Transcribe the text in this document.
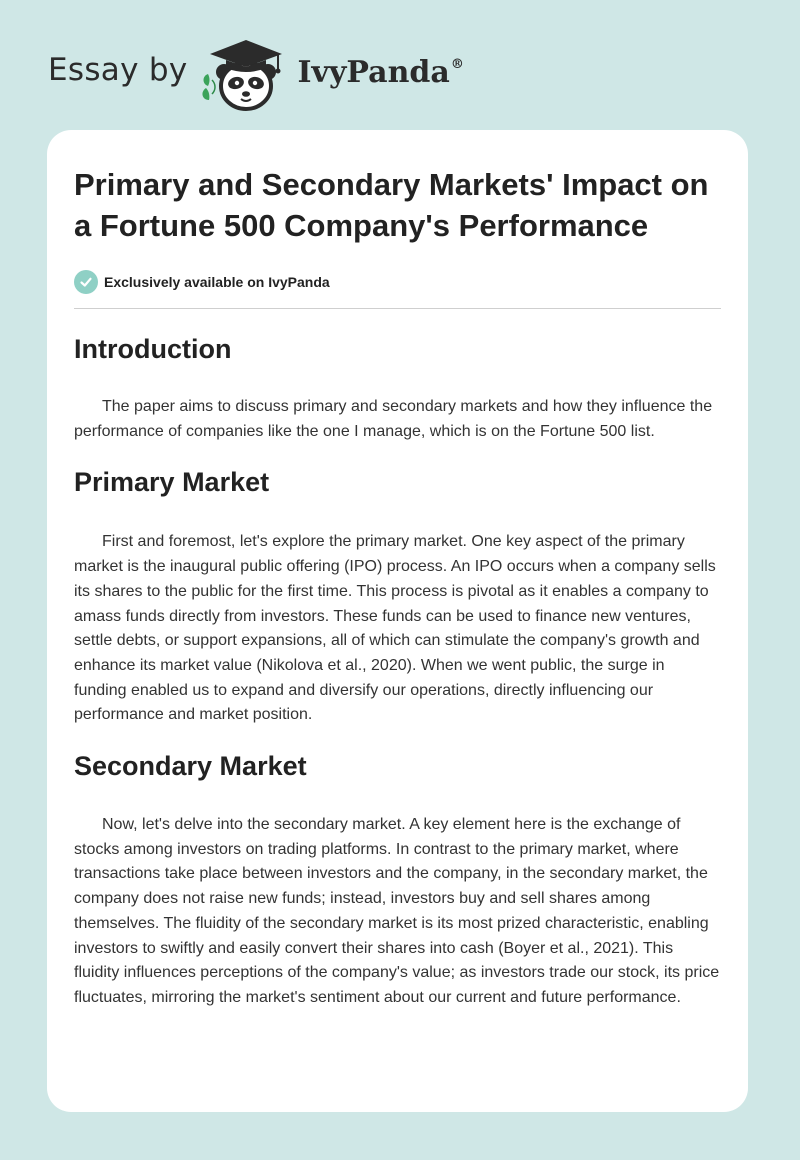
Essay by	IvyPanda®
Primary and Secondary Markets' Impact on a Fortune 500 Company's Performance
Exclusively available on IvyPanda
Introduction

The paper aims to discuss primary and secondary markets and how they influence the performance of companies like the one I manage, which is on the Fortune 500 list.

Primary Market

First and foremost, let's explore the primary market. One key aspect of the primary market is the inaugural public offering (IPO) process. An IPO occurs when a company sells its shares to the public for the first time. This process is pivotal as it enables a company to amass funds directly from investors. These funds can be used to finance new ventures, settle debts, or support expansions, all of which can stimulate the company's growth and enhance its market value (Nikolova et al., 2020). When we went public, the surge in funding enabled us to expand and diversify our operations, directly influencing our performance and market position.

Secondary Market

Now, let's delve into the secondary market. A key element here is the exchange of stocks among investors on trading platforms. In contrast to the primary market, where transactions take place between investors and the company, in the secondary market, the company does not raise new funds; instead, investors buy and sell shares among themselves. The fluidity of the secondary market is its most prized characteristic, enabling investors to swiftly and easily convert their shares into cash (Boyer et al., 2021). This fluidity influences perceptions of the company's value; as investors trade our stock, its price fluctuates, mirroring the market's sentiment about our current and future performance.
